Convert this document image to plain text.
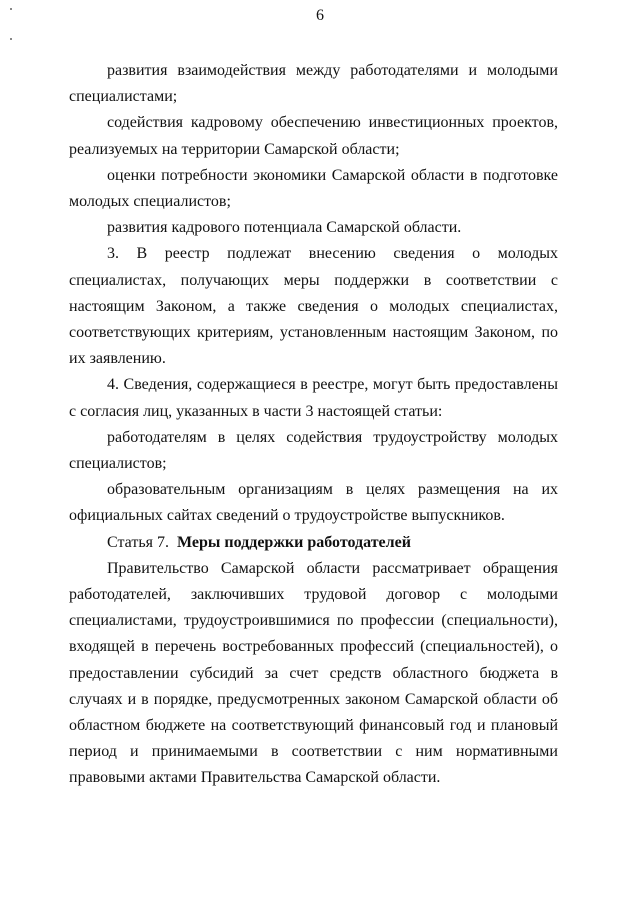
6

развития взаимодействия между работодателями и молодыми специалистами;

содействия кадровому обеспечению инвестиционных проектов, реализуемых на территории Самарской области;

оценки потребности экономики Самарской области в подготовке молодых специалистов;

развития кадрового потенциала Самарской области.

3. В реестр подлежат внесению сведения о молодых специалистах, получающих меры поддержки в соответствии с настоящим Законом, а также сведения о молодых специалистах, соответствующих критериям, установленным настоящим Законом, по их заявлению.

4. Сведения, содержащиеся в реестре, могут быть предоставлены с согласия лиц, указанных в части 3 настоящей статьи:

работодателям в целях содействия трудоустройству молодых специалистов;

образовательным организациям в целях размещения на их официальных сайтах сведений о трудоустройстве выпускников.

Статья 7. Меры поддержки работодателей

Правительство Самарской области рассматривает обращения работодателей, заключивших трудовой договор с молодыми специалистами, трудоустроившимися по профессии (специальности), входящей в перечень востребованных профессий (специальностей), о предоставлении субсидий за счет средств областного бюджета в случаях и в порядке, предусмотренных законом Самарской области об областном бюджете на соответствующий финансовый год и плановый период и принимаемыми в соответствии с ним нормативными правовыми актами Правительства Самарской области.
